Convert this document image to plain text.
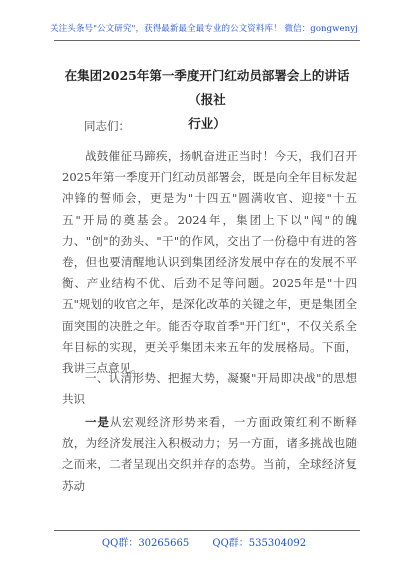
关注头条号"公文研究"，获得最新最全最专业的公文资料库！ 微信：gongwenyj
在集团2025年第一季度开门红动员部署会上的讲话（报社
行业）
同志们：

战鼓催征马蹄疾，扬帆奋进正当时！今天，我们召开2025年第一季度开门红动员部署会，既是向全年目标发起冲锋的誓师会，更是为"十四五"圆满收官、迎接"十五五"开局的奠基会。2024年，集团上下以"闯"的魄力、"创"的劲头、"干"的作风，交出了一份稳中有进的答卷，但也要清醒地认识到集团经济发展中存在的发展不平衡、产业结构不优、后劲不足等问题。2025年是"十四五"规划的收官之年，是深化改革的关键之年，更是集团全面突围的决胜之年。能否夺取首季"开门红"，不仅关系全年目标的实现，更关乎集团未来五年的发展格局。下面，我讲三点意见。

一、认清形势、把握大势，凝聚"开局即决战"的思想共识

一是从宏观经济形势来看，一方面政策红利不断释放，为经济发展注入积极动力；另一方面，诸多挑战也随之而来，二者呈现出交织并存的态势。当前，全球经济复苏动

QQ群：30265665 QQ群：535304092
